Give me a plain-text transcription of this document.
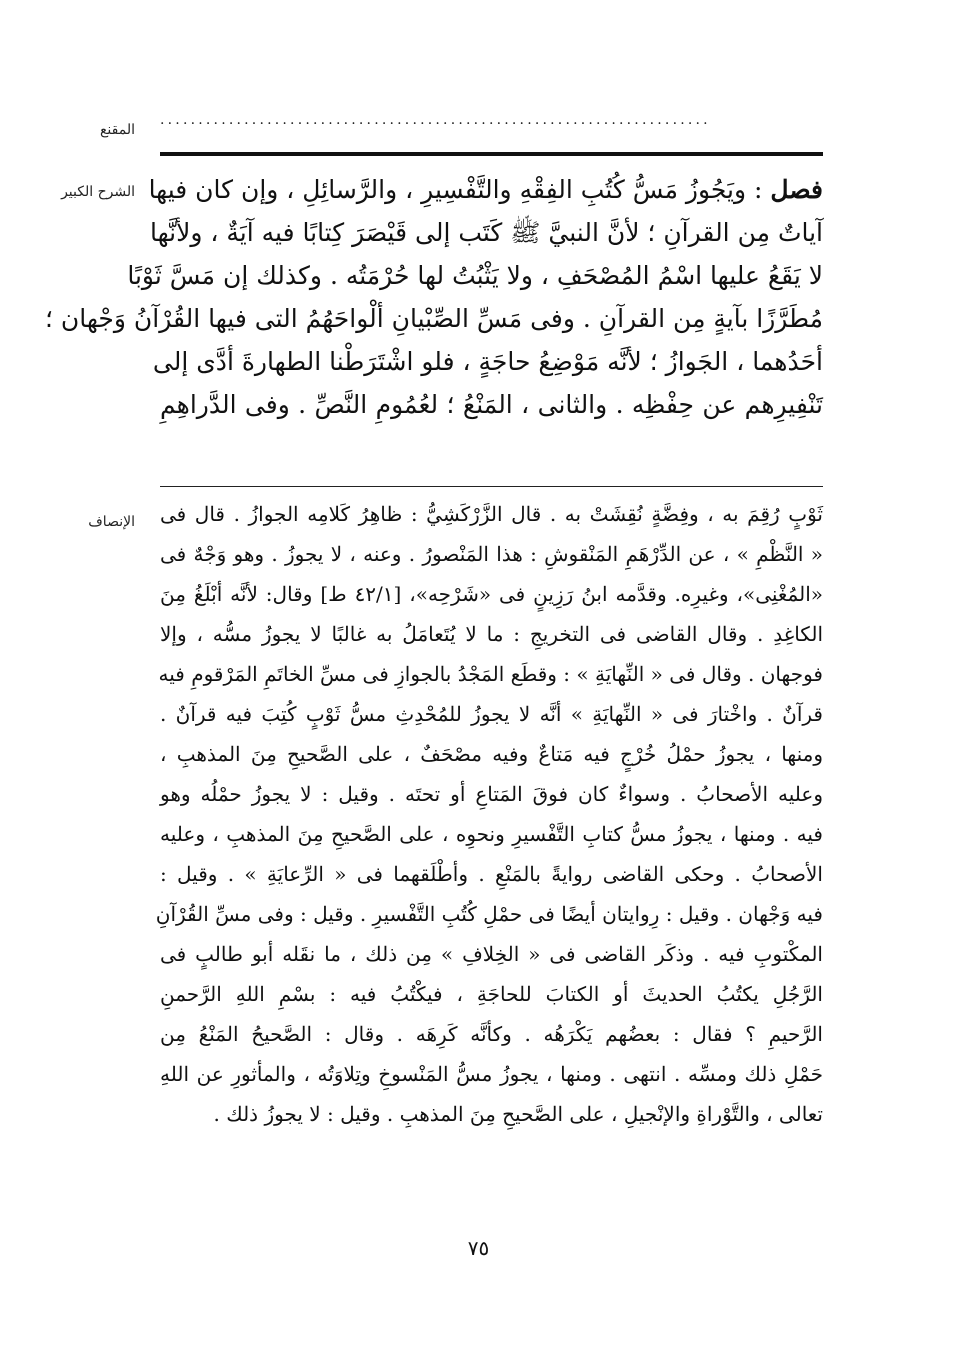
المقنع
........................................................................
الشرح الكبير	فصل : ويَجُوزُ مَسُّ كُتُبِ الفِقْهِ والتَّفْسِيرِ ، والرَّسائِلِ ، وإن كان فيها
آياتٌ مِن القرآنِ ؛ لأنَّ النبيَّ ﷺ كَتَب إلى قَيْصَرَ كِتابًا فيه آيَةٌ ، ولأنَّها
لا يَقَعُ عليها اسْمُ المُصْحَفِ ، ولا يَثْبُتُ لها حُرْمَتُه . وكذلك إن مَسَّ ثَوْبًا
مُطَرَّزًا بآيةٍ مِن القرآنِ . وفى مَسِّ الصِّبْيانِ ألْواحَهُمُ التى فيها القُرْآنُ وَجْهان ؛
أحَدُهما ، الجَوازُ ؛ لأنَّه مَوْضِعُ حاجَةٍ ، فلو اشْتَرَطْنا الطهارةَ أدَّى إلى
تَنْفِيرِهم عن حِفْظِه . والثانى ، المَنْعُ ؛ لعُمُومِ النَّصِّ . وفى الدَّراهِمِ
الإنصاف ثَوْبٍ رُقِمَ به ، وفِضَّةٍ نُقِشَتْ به . قال الزَّرْكَشِيُّ : ظاهِرُ كَلامِه الجوازُ . قال فى
« النَّظْمِ » ، عن الدِّرْهَمِ المَنْقوشِ : هذا المَنْصورُ . وعنه ، لا يجوزُ . وهو وَجْهٌ فى
«المُغْنِى»، وغيرِه. وقدَّمه ابنُ رَزِينٍ فى «شَرْحِه»، [٤٢/١ ط] وقال: لأنَّه أبْلَغُ مِنَ
الكاغِدِ . وقال القاضى فى التخريجِ : ما لا يُتَعامَلُ به غالبًا لا يجوزُ مسُّه ، وإلا
فوجهان . وقال فى « النِّهايَةِ » : وقطَع المَجْدُ بالجوازِ فى مسِّ الخاتَمِ المَرْقومِ فيه
قرآنٌ . واخْتارَ فى « النِّهايَةِ » أنَّه لا يجوزُ للمُحْدِثِ مسُّ ثَوْبٍ كُتِبَ فيه قرآنٌ .
ومنها ، يجوزُ حمْلُ خُرْجٍ فيه مَتاعٌ وفيه مصْحَفٌ ، على الصَّحيحِ مِنَ المذهبِ ،
وعليه الأصحابُ . وسواءٌ كان فوقَ المَتاعِ أو تحتَه . وقيل : لا يجوزُ حمْلُه وهو
فيه . ومنها ، يجوزُ مسُّ كتابِ التَّفْسيرِ ونحوِه ، على الصَّحيحِ مِنَ المذهبِ ، وعليه
الأصحابُ . وحكى القاضى روايةً بالمَنْعِ . وأطْلَقهما فى « الرِّعايَةِ » . وقيل :
فيه وَجْهان . وقيل : رِوايتان أيضًا فى حمْلِ كُتُبِ التَّفْسيرِ . وقيل : وفى مسِّ القُرْآنِ
المكْتوبِ فيه . وذكَر القاضى فى « الخِلافِ » مِن ذلك ، ما نقَله أبو طالبٍ فى
الرَّجُلِ يكتُبُ الحديثَ أو الكتابَ للحاجَةِ ، فيكْتُبُ فيه : بسْمِ اللهِ الرَّحمنِ
الرَّحيمِ ؟ فقال : بعضُهم يَكْرَهُه . وكأنَّه كَرِهَه . وقال : الصَّحيحُ المَنْعُ مِن
حَمْلِ ذلك ومسِّه . انتهى . ومنها ، يجوزُ مسُّ المَنْسوخِ وتِلاوَتُه ، والمأثورِ عن اللهِ
تعالى ، والتَّوْراةِ والإنْجيلِ ، على الصَّحيحِ مِنَ المذهبِ . وقيل : لا يجوزُ ذلك .
٧٥
